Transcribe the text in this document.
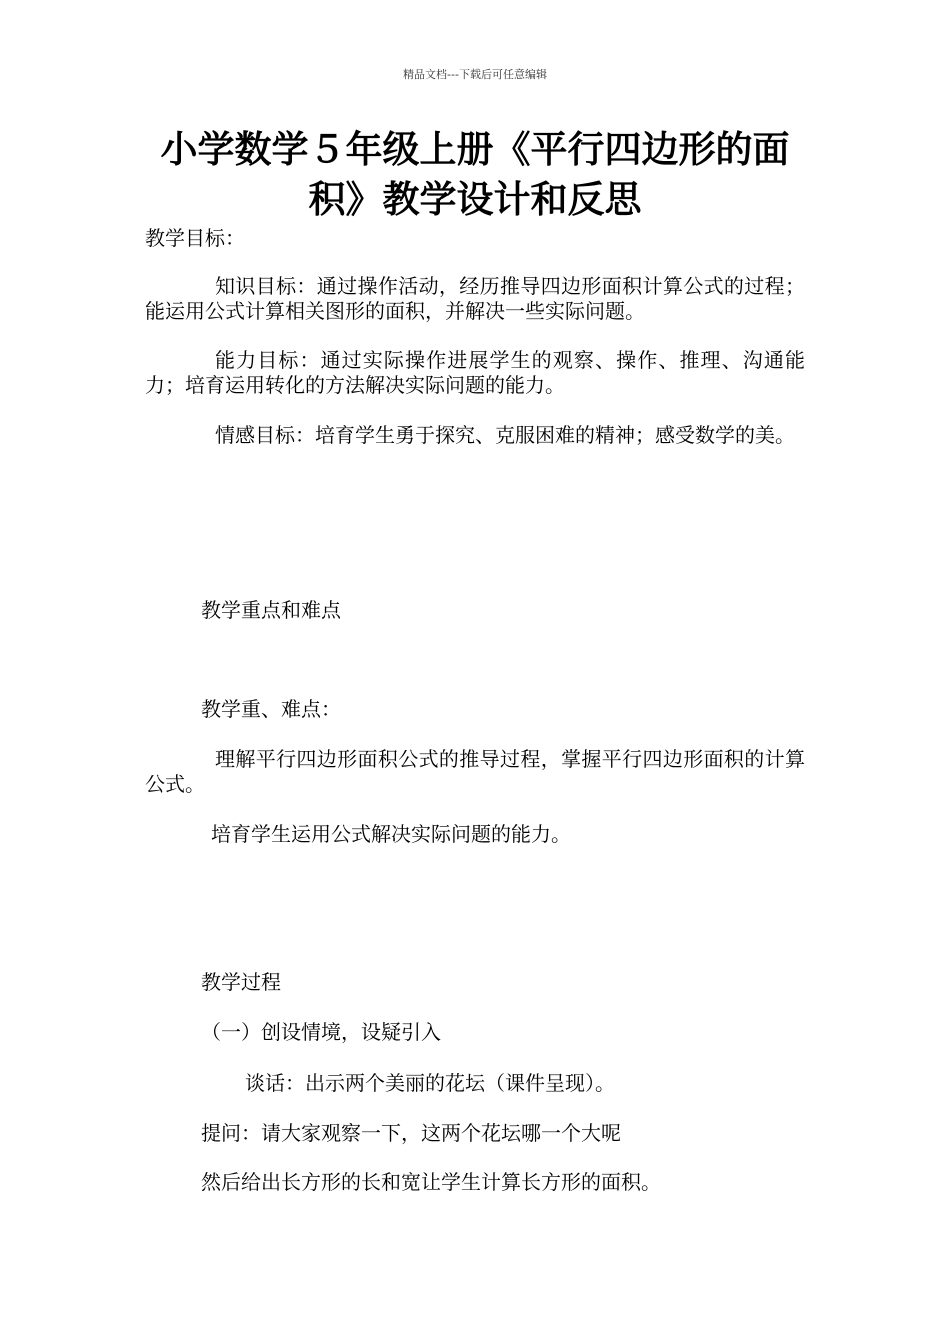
精品文档---下载后可任意编辑
小学数学５年级上册《平行四边形的面积》教学设计和反思

教学目标：

知识目标：通过操作活动，经历推导四边形面积计算公式的过程；能运用公式计算相关图形的面积，并解决一些实际问题。

能力目标：通过实际操作进展学生的观察、操作、推理、沟通能力；培育运用转化的方法解决实际问题的能力。

情感目标：培育学生勇于探究、克服困难的精神；感受数学的美。

教学重点和难点

教学重、难点：

理解平行四边形面积公式的推导过程，掌握平行四边形面积的计算公式。

培育学生运用公式解决实际问题的能力。

教学过程

（一）创设情境，设疑引入

谈话：出示两个美丽的花坛（课件呈现）。

提问：请大家观察一下，这两个花坛哪一个大呢

然后给出长方形的长和宽让学生计算长方形的面积。
